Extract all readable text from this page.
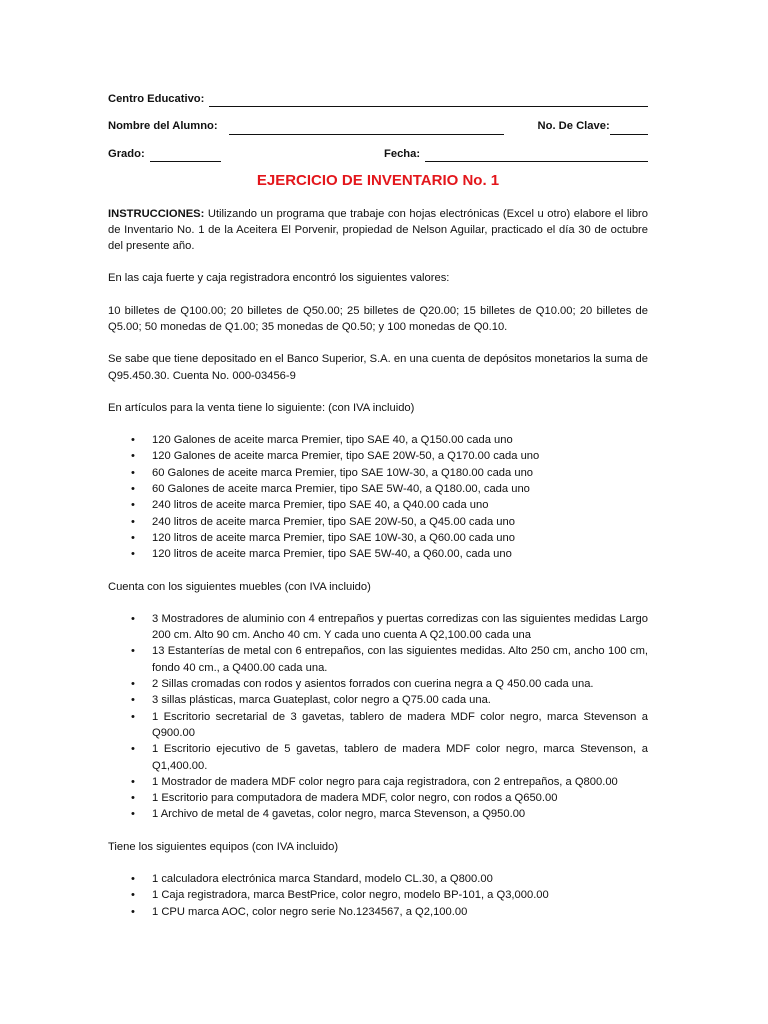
Centro Educativo:
Nombre del Alumno:	No. De Clave:
Grado:	Fecha:
EJERCICIO DE INVENTARIO No. 1

INSTRUCCIONES: Utilizando un programa que trabaje con hojas electrónicas (Excel u otro) elabore el libro de Inventario No. 1 de la Aceitera El Porvenir, propiedad de Nelson Aguilar, practicado el día 30 de octubre del presente año.

En las caja fuerte y caja registradora encontró los siguientes valores:

10 billetes de Q100.00; 20 billetes de Q50.00; 25 billetes de Q20.00; 15 billetes de Q10.00; 20 billetes de Q5.00; 50 monedas de Q1.00; 35 monedas de Q0.50; y 100 monedas de Q0.10.

Se sabe que tiene depositado en el Banco Superior, S.A. en una cuenta de depósitos monetarios la suma de Q95.450.30. Cuenta No. 000-03456-9

En artículos para la venta tiene lo siguiente: (con IVA incluido)

• 120 Galones de aceite marca Premier, tipo SAE 40, a Q150.00 cada uno
• 120 Galones de aceite marca Premier, tipo SAE 20W-50, a Q170.00 cada uno
• 60 Galones de aceite marca Premier, tipo SAE 10W-30, a Q180.00 cada uno
• 60 Galones de aceite marca Premier, tipo SAE 5W-40, a Q180.00, cada uno
• 240 litros de aceite marca Premier, tipo SAE 40, a Q40.00 cada uno
• 240 litros de aceite marca Premier, tipo SAE 20W-50, a Q45.00 cada uno
• 120 litros de aceite marca Premier, tipo SAE 10W-30, a Q60.00 cada uno
• 120 litros de aceite marca Premier, tipo SAE 5W-40, a Q60.00, cada uno

Cuenta con los siguientes muebles (con IVA incluido)

• 3 Mostradores de aluminio con 4 entrepaños y puertas corredizas con las siguientes medidas Largo 200 cm. Alto 90 cm. Ancho 40 cm. Y cada uno cuenta A Q2,100.00 cada una
• 13 Estanterías de metal con 6 entrepaños, con las siguientes medidas. Alto 250 cm, ancho 100 cm, fondo 40 cm., a Q400.00 cada una.
• 2 Sillas cromadas con rodos y asientos forrados con cuerina negra a Q 450.00 cada una.
• 3 sillas plásticas, marca Guateplast, color negro a Q75.00 cada una.
• 1 Escritorio secretarial de 3 gavetas, tablero de madera MDF color negro, marca Stevenson a Q900.00
• 1 Escritorio ejecutivo de 5 gavetas, tablero de madera MDF color negro, marca Stevenson, a Q1,400.00.
• 1 Mostrador de madera MDF color negro para caja registradora, con 2 entrepaños, a Q800.00
• 1 Escritorio para computadora de madera MDF, color negro, con rodos a Q650.00
• 1 Archivo de metal de 4 gavetas, color negro, marca Stevenson, a Q950.00

Tiene los siguientes equipos (con IVA incluido)

• 1 calculadora electrónica marca Standard, modelo CL.30, a Q800.00
• 1 Caja registradora, marca BestPrice, color negro, modelo BP-101, a Q3,000.00
• 1 CPU marca AOC, color negro serie No.1234567, a Q2,100.00
